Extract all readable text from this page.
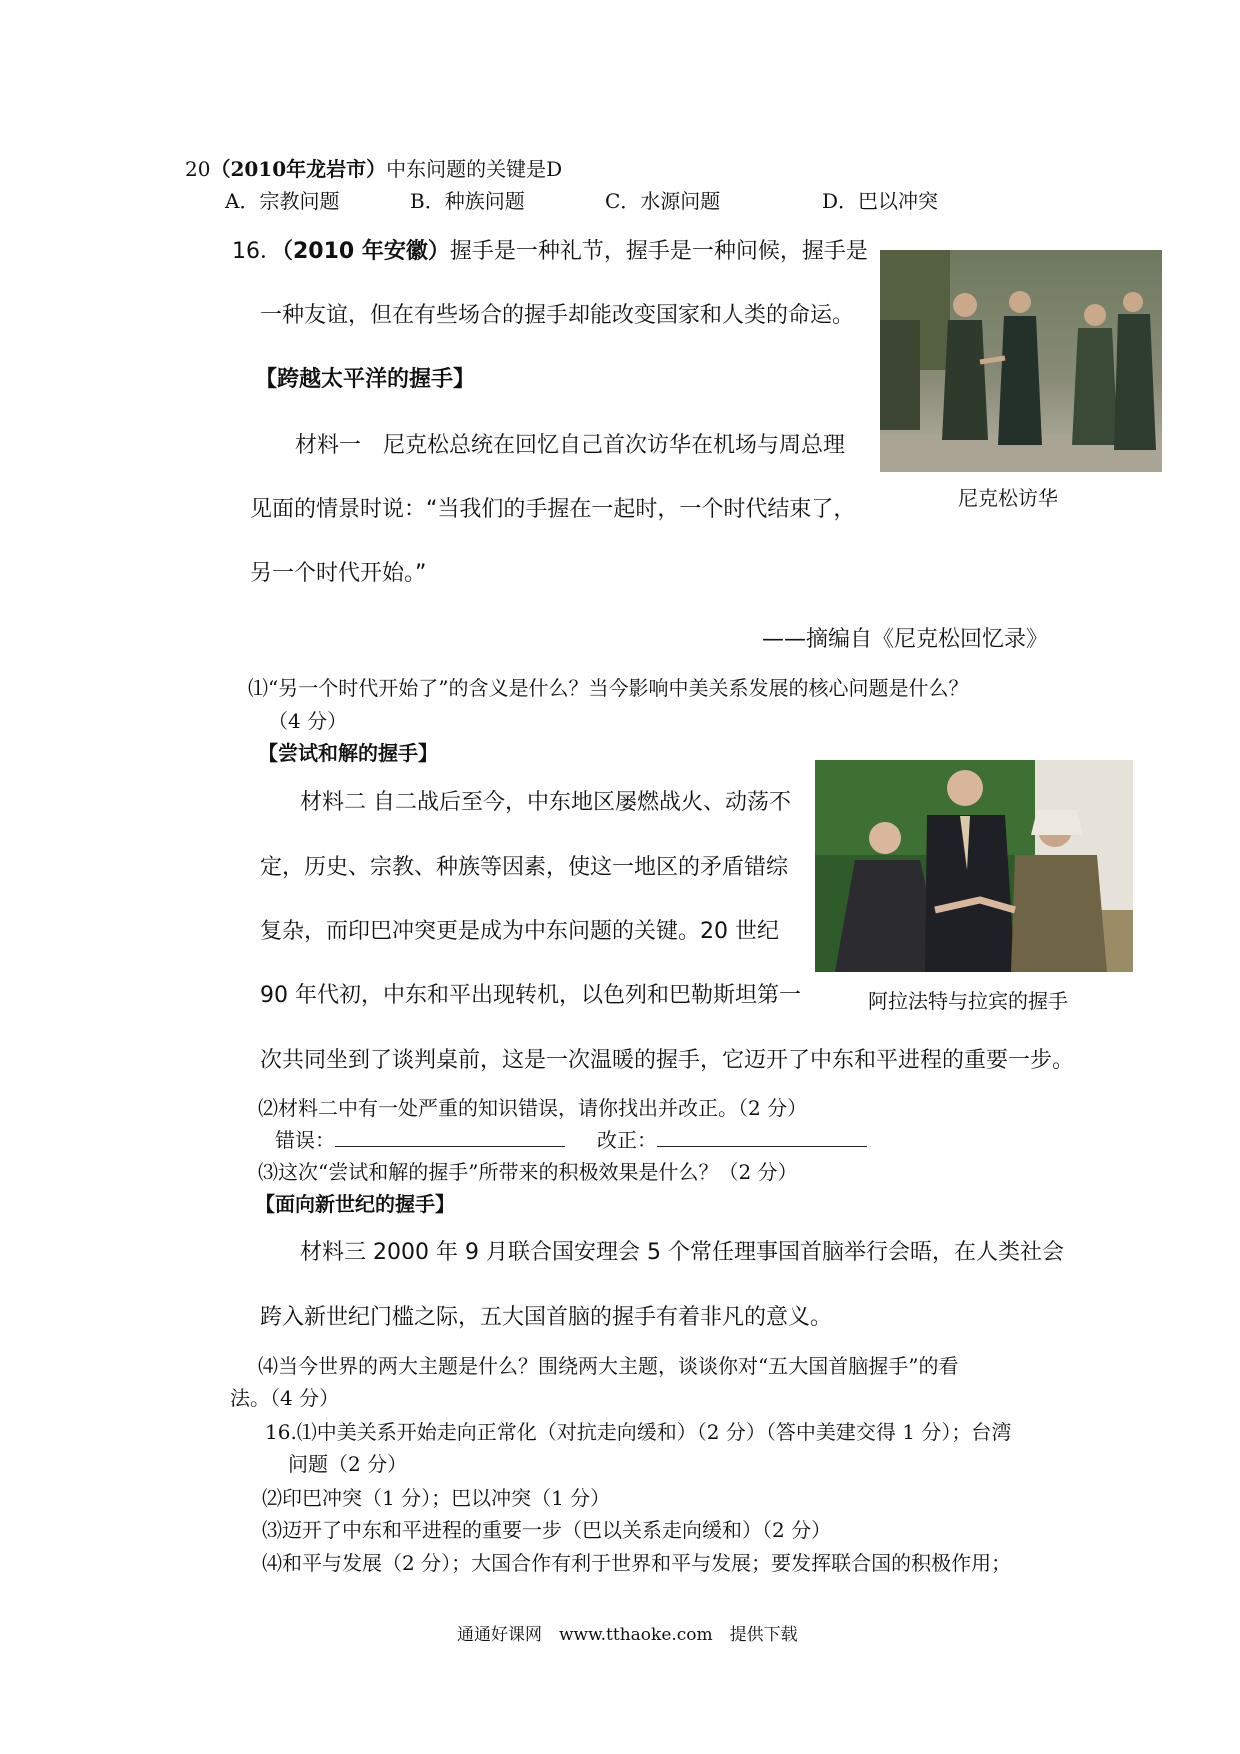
20（2010年龙岩市）中东问题的关键是D
A．宗教问题	B．种族问题	C．水源问题	D．巴以冲突
16．（2010 年安徽）握手是一种礼节，握手是一种问候，握手是
一种友谊，但在有些场合的握手却能改变国家和人类的命运。
【跨越太平洋的握手】
材料一　尼克松总统在回忆自己首次访华在机场与周总理
见面的情景时说：“当我们的手握在一起时，一个时代结束了，
另一个时代开始。”
——摘编自《尼克松回忆录》
尼克松访华
⑴“另一个时代开始了”的含义是什么？当今影响中美关系发展的核心问题是什么？
（4 分）
【尝试和解的握手】
材料二 自二战后至今，中东地区屡燃战火、动荡不
定，历史、宗教、种族等因素，使这一地区的矛盾错综
复杂，而印巴冲突更是成为中东问题的关键。20 世纪
90 年代初，中东和平出现转机，以色列和巴勒斯坦第一
次共同坐到了谈判桌前，这是一次温暖的握手，它迈开了中东和平进程的重要一步。
阿拉法特与拉宾的握手
⑵材料二中有一处严重的知识错误，请你找出并改正。（2 分）
错误：	改正：
⑶这次“尝试和解的握手”所带来的积极效果是什么？（2 分）
【面向新世纪的握手】
材料三 2000 年 9 月联合国安理会 5 个常任理事国首脑举行会晤，在人类社会
跨入新世纪门槛之际，五大国首脑的握手有着非凡的意义。
⑷当今世界的两大主题是什么？围绕两大主题，谈谈你对“五大国首脑握手”的看
法。（4 分）
16.⑴中美关系开始走向正常化（对抗走向缓和）（2 分）（答中美建交得 1 分）；台湾
问题（2 分）
⑵印巴冲突（1 分）；巴以冲突（1 分）
⑶迈开了中东和平进程的重要一步（巴以关系走向缓和）（2 分）
⑷和平与发展（2 分）；大国合作有利于世界和平与发展；要发挥联合国的积极作用；
通通好课网　www.tthaoke.com　提供下载
